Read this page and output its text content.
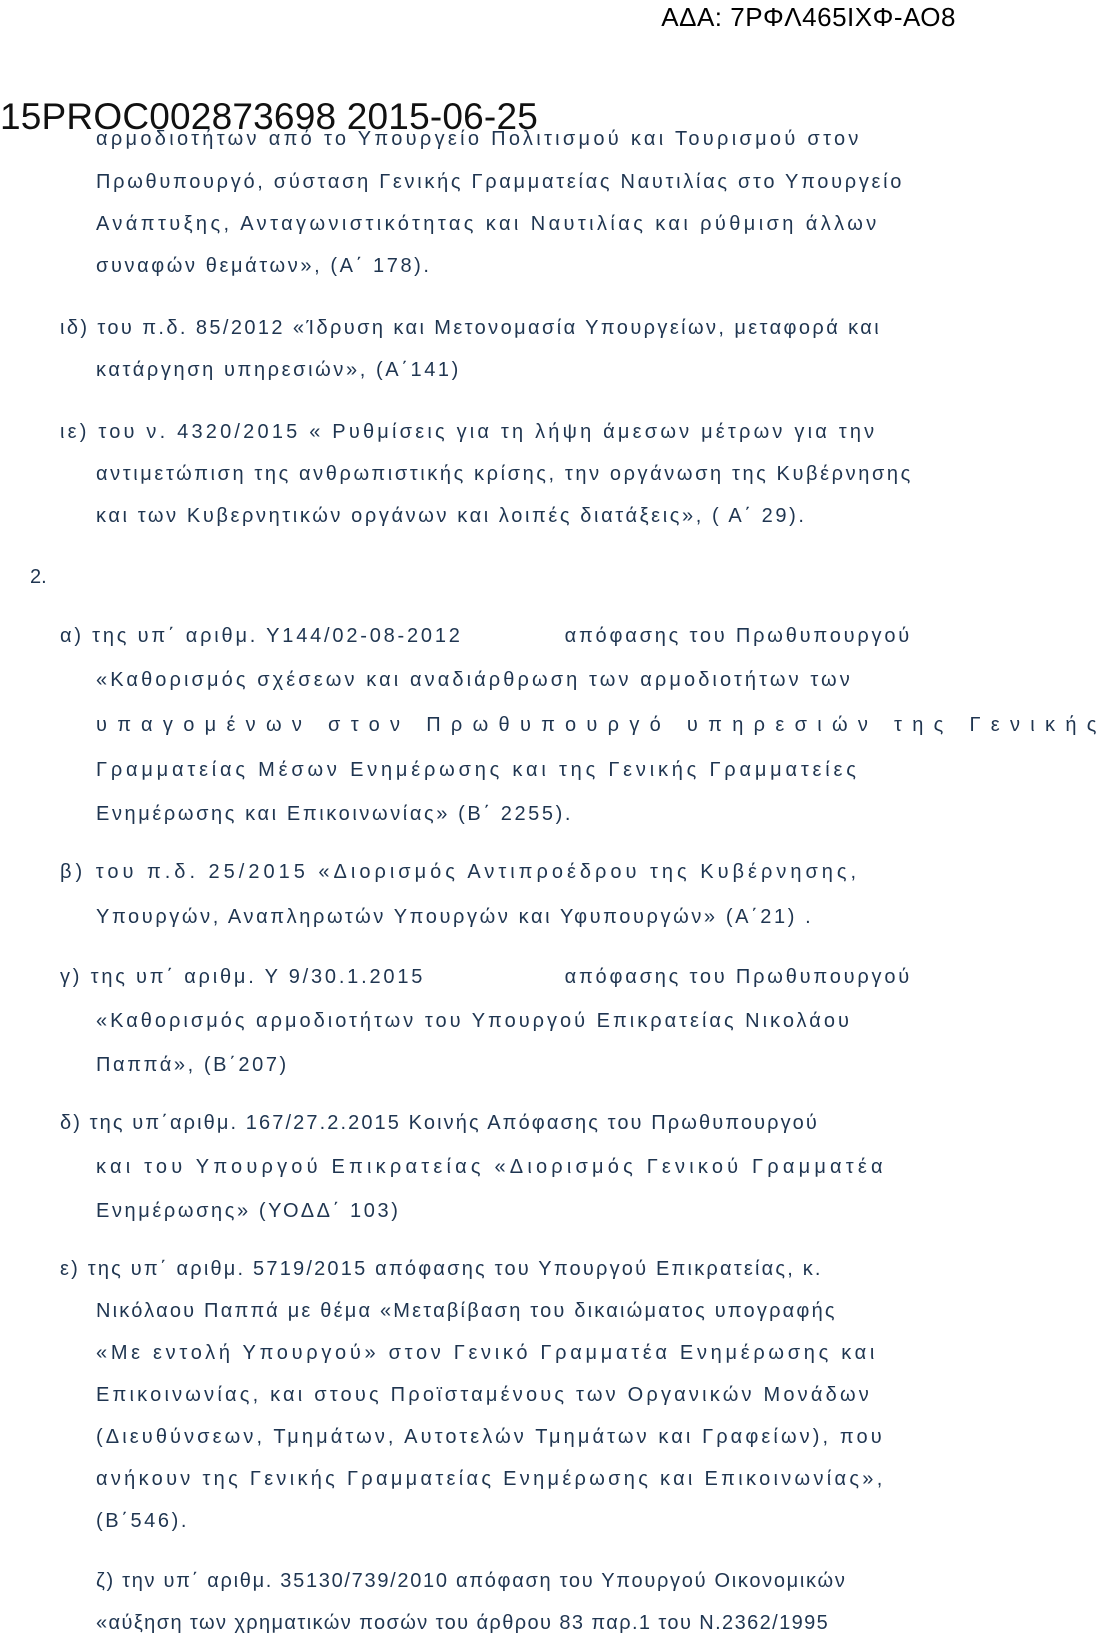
ΑΔΑ: 7ΡΦΛ465ΙΧΦ-ΑΟ8
15PROC002873698 2015-06-25

αρμοδιοτήτων από το Υπουργείο Πολιτισμού και Τουρισμού στον

Πρωθυπουργό, σύσταση Γενικής Γραμματείας Ναυτιλίας στο Υπουργείο

Ανάπτυξης, Ανταγωνιστικότητας και Ναυτιλίας και ρύθμιση άλλων

συναφών θεμάτων», (Α΄ 178).

ιδ) του π.δ. 85/2012 «Ίδρυση και Μετονομασία Υπουργείων, μεταφορά και

κατάργηση υπηρεσιών», (Α΄141)

ιε) του ν. 4320/2015 « Ρυθμίσεις για τη λήψη άμεσων μέτρων για την

αντιμετώπιση της ανθρωπιστικής κρίσης, την οργάνωση της Κυβέρνησης

και των Κυβερνητικών οργάνων και λοιπές διατάξεις», ( Α΄ 29).

2.
α) της υπ΄ αριθμ. Υ144/02-08-2012	απόφασης του Πρωθυπουργού

«Καθορισμός σχέσεων και αναδιάρθρωση των αρμοδιοτήτων των

υπαγομένων στον Πρωθυπουργό υπηρεσιών της Γενικής

Γραμματείας Μέσων Ενημέρωσης και της Γενικής Γραμματείες

Ενημέρωσης και Επικοινωνίας» (Β΄ 2255).

β) του π.δ. 25/2015 «Διορισμός Αντιπροέδρου της Κυβέρνησης,

Υπουργών, Αναπληρωτών Υπουργών και Υφυπουργών» (Α΄21) .

γ) της υπ΄ αριθμ. Υ 9/30.1.2015	απόφασης του Πρωθυπουργού

«Καθορισμός αρμοδιοτήτων του Υπουργού Επικρατείας Νικολάου

Παππά», (Β΄207)

δ) της υπ΄αριθμ. 167/27.2.2015 Κοινής Απόφασης του Πρωθυπουργού

και του Υπουργού Επικρατείας «Διορισμός Γενικού Γραμματέα

Ενημέρωσης» (ΥΟΔΔ΄ 103)

ε) της υπ΄ αριθμ. 5719/2015 απόφασης του Υπουργού Επικρατείας, κ.

Νικόλαου Παππά με θέμα «Μεταβίβαση του δικαιώματος υπογραφής

«Με εντολή Υπουργού» στον Γενικό Γραμματέα Ενημέρωσης και

Επικοινωνίας, και στους Προϊσταμένους των Οργανικών Μονάδων

(Διευθύνσεων, Τμημάτων, Αυτοτελών Τμημάτων και Γραφείων), που

ανήκουν της Γενικής Γραμματείας Ενημέρωσης και Επικοινωνίας»,

(Β΄546).

ζ) την υπ΄ αριθμ. 35130/739/2010 απόφαση του Υπουργού Οικονομικών

«αύξηση των χρηματικών ποσών του άρθρου 83 παρ.1 του Ν.2362/1995
